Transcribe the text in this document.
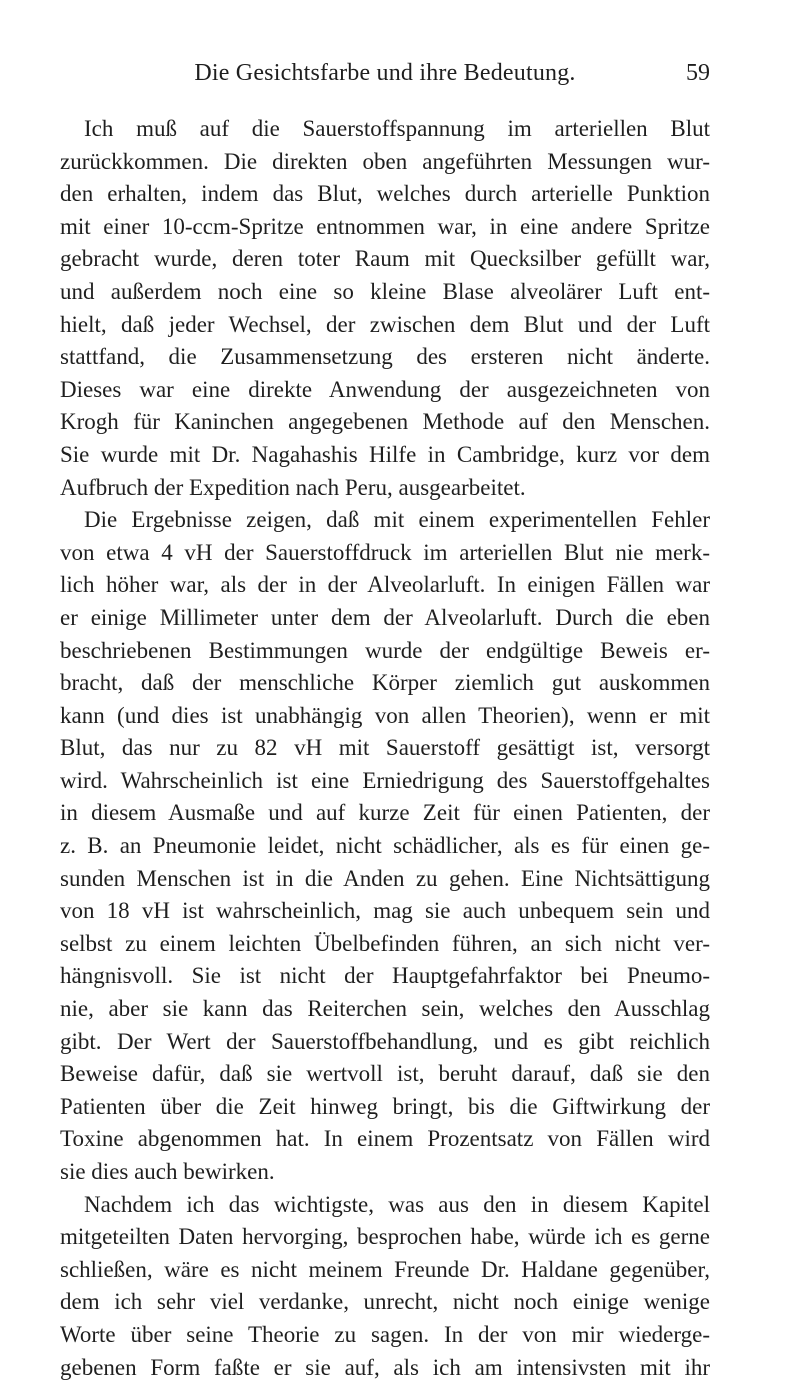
Die Gesichtsfarbe und ihre Bedeutung.	59
Ich muß auf die Sauerstoffspannung im arteriellen Blut
zurückkommen. Die direkten oben angeführten Messungen wur-
den erhalten, indem das Blut, welches durch arterielle Punktion
mit einer 10-ccm-Spritze entnommen war, in eine andere Spritze
gebracht wurde, deren toter Raum mit Quecksilber gefüllt war,
und außerdem noch eine so kleine Blase alveolärer Luft ent-
hielt, daß jeder Wechsel, der zwischen dem Blut und der Luft
stattfand, die Zusammensetzung des ersteren nicht änderte.
Dieses war eine direkte Anwendung der ausgezeichneten von
Krogh für Kaninchen angegebenen Methode auf den Menschen.
Sie wurde mit Dr. Nagahashis Hilfe in Cambridge, kurz vor dem
Aufbruch der Expedition nach Peru, ausgearbeitet.
Die Ergebnisse zeigen, daß mit einem experimentellen Fehler
von etwa 4 vH der Sauerstoffdruck im arteriellen Blut nie merk-
lich höher war, als der in der Alveolarluft. In einigen Fällen war
er einige Millimeter unter dem der Alveolarluft. Durch die eben
beschriebenen Bestimmungen wurde der endgültige Beweis er-
bracht, daß der menschliche Körper ziemlich gut auskommen
kann (und dies ist unabhängig von allen Theorien), wenn er mit
Blut, das nur zu 82 vH mit Sauerstoff gesättigt ist, versorgt
wird. Wahrscheinlich ist eine Erniedrigung des Sauerstoffgehaltes
in diesem Ausmaße und auf kurze Zeit für einen Patienten, der
z. B. an Pneumonie leidet, nicht schädlicher, als es für einen ge-
sunden Menschen ist in die Anden zu gehen. Eine Nichtsättigung
von 18 vH ist wahrscheinlich, mag sie auch unbequem sein und
selbst zu einem leichten Übelbefinden führen, an sich nicht ver-
hängnisvoll. Sie ist nicht der Hauptgefahrfaktor bei Pneumo-
nie, aber sie kann das Reiterchen sein, welches den Ausschlag
gibt. Der Wert der Sauerstoffbehandlung, und es gibt reichlich
Beweise dafür, daß sie wertvoll ist, beruht darauf, daß sie den
Patienten über die Zeit hinweg bringt, bis die Giftwirkung der
Toxine abgenommen hat. In einem Prozentsatz von Fällen wird
sie dies auch bewirken.
Nachdem ich das wichtigste, was aus den in diesem Kapitel
mitgeteilten Daten hervorging, besprochen habe, würde ich es gerne
schließen, wäre es nicht meinem Freunde Dr. Haldane gegenüber,
dem ich sehr viel verdanke, unrecht, nicht noch einige wenige
Worte über seine Theorie zu sagen. In der von mir wiederge-
gebenen Form faßte er sie auf, als ich am intensivsten mit ihr
